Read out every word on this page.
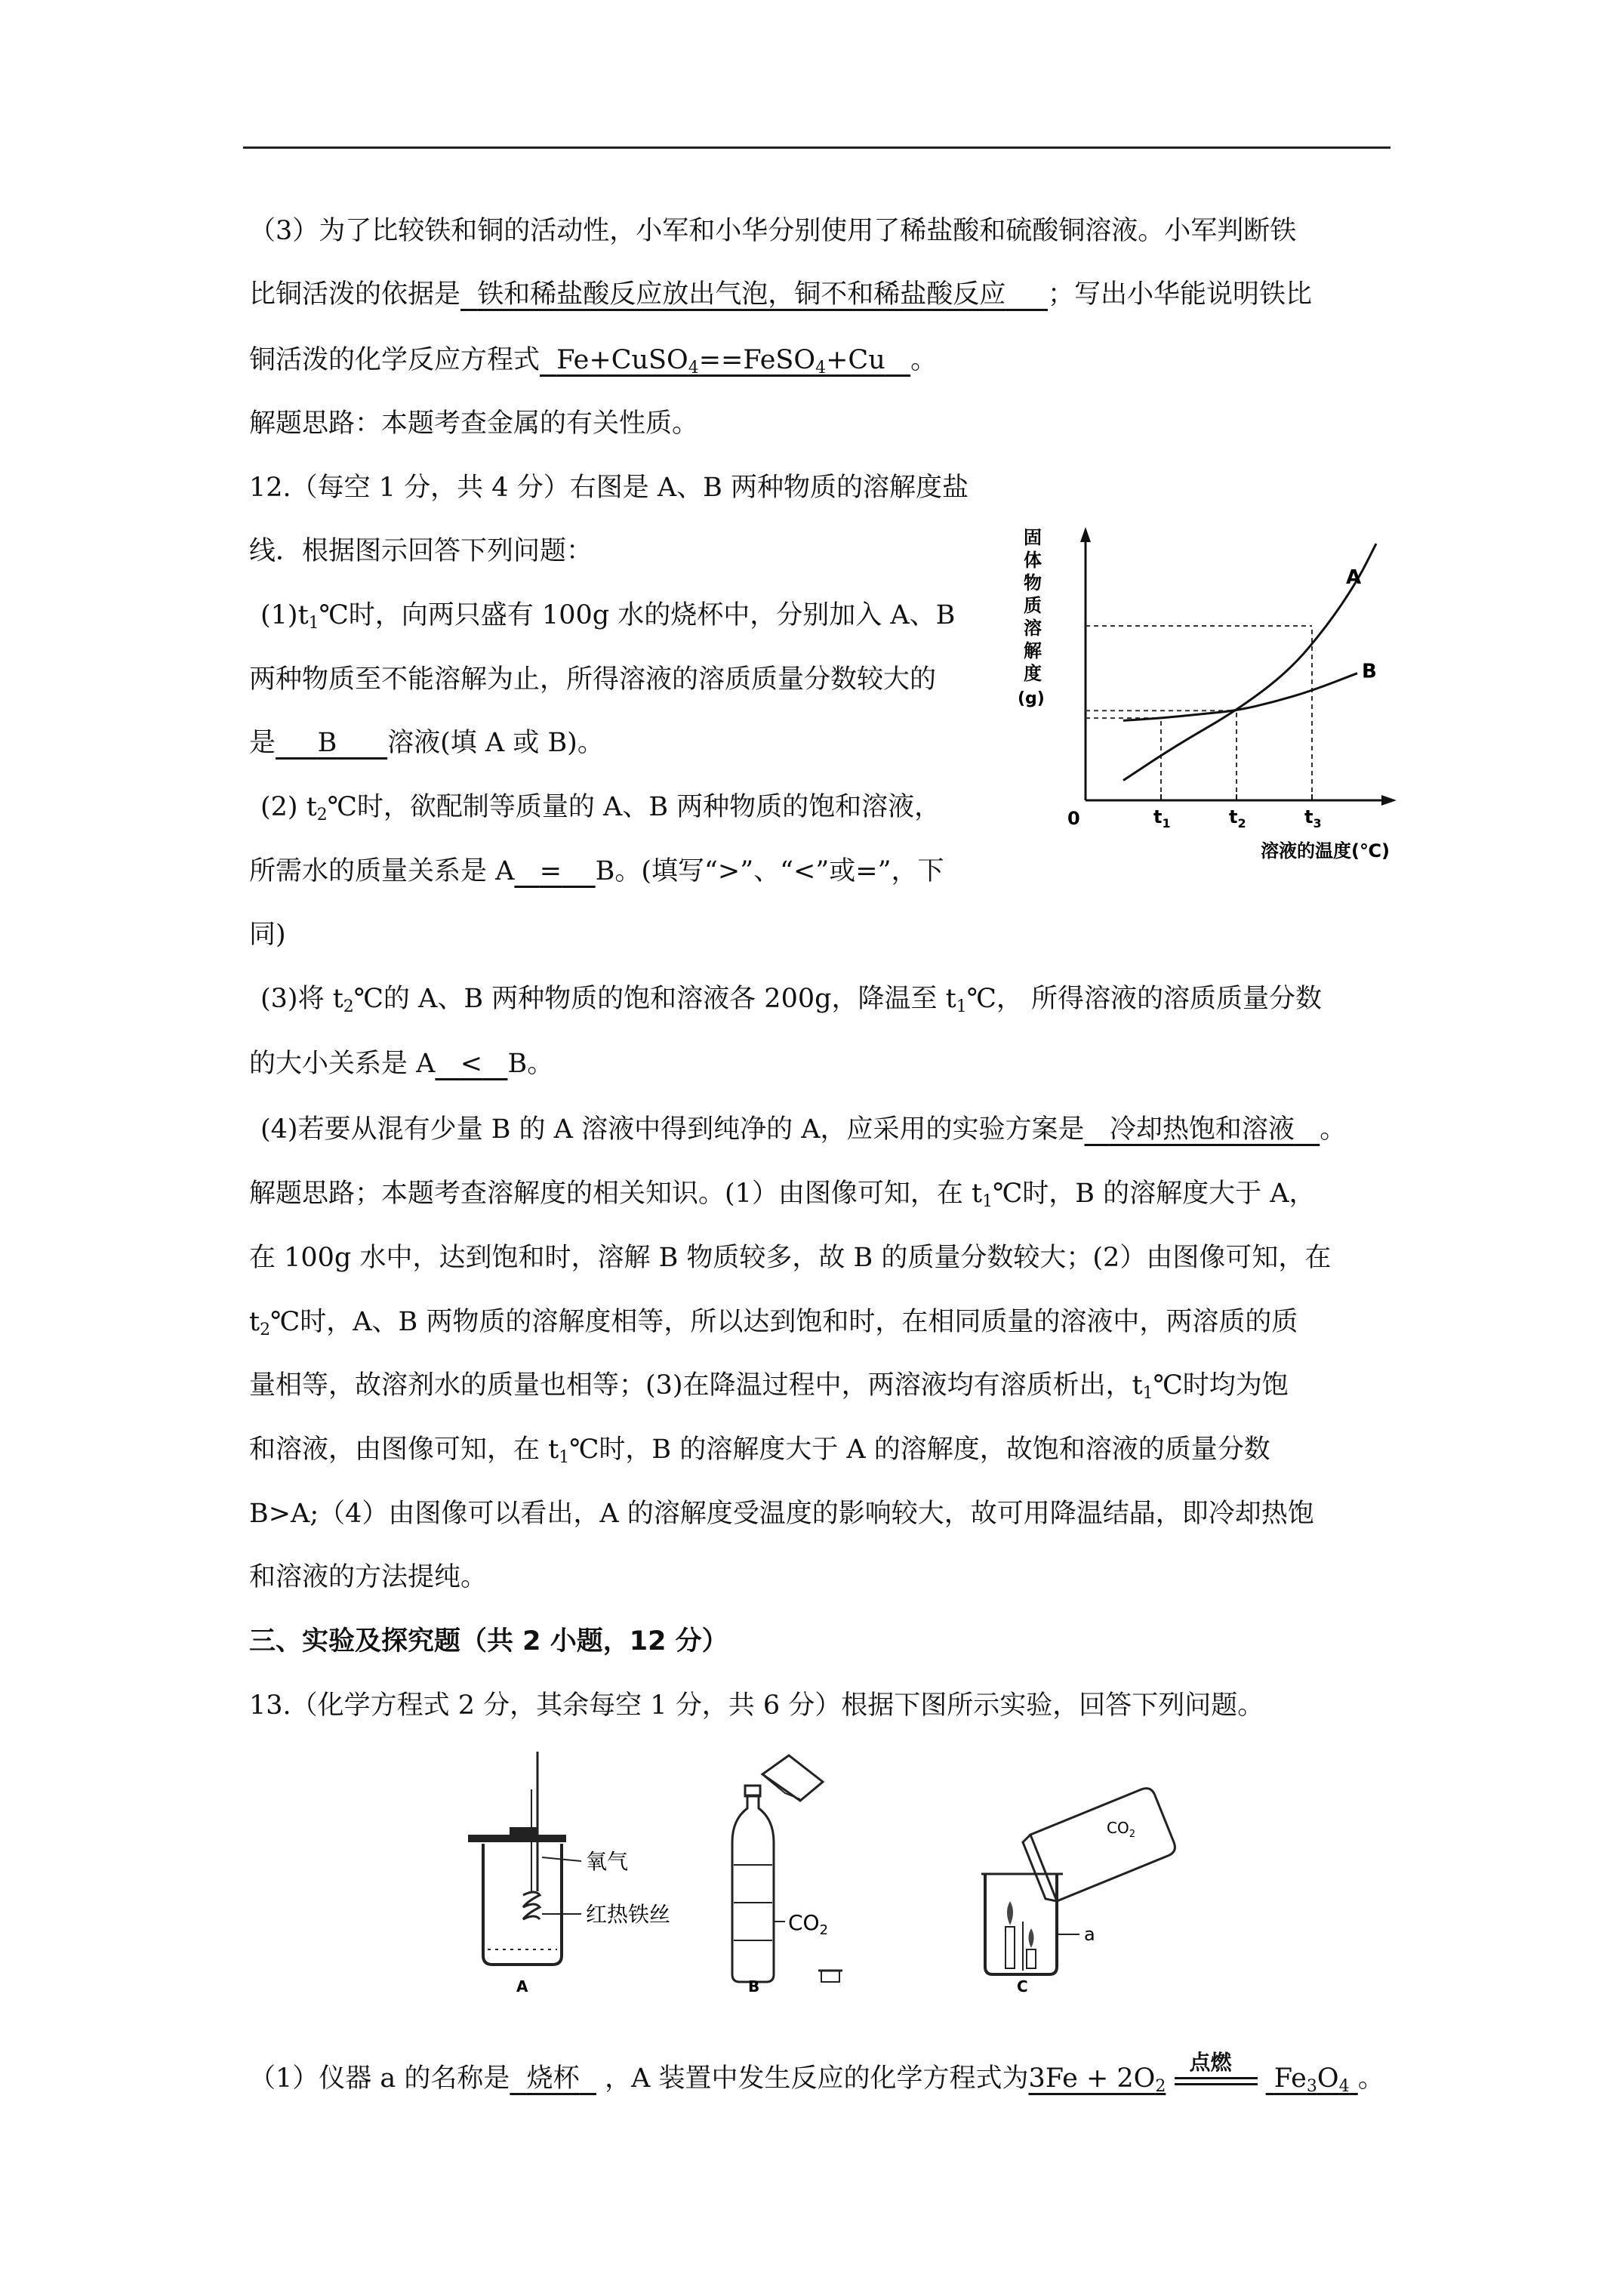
（3）为了比较铁和铜的活动性，小军和小华分别使用了稀盐酸和硫酸铜溶液。小军判断铁
比铜活泼的依据是 铁和稀盐酸反应放出气泡，铜不和稀盐酸反应 ；写出小华能说明铁比
铜活泼的化学反应方程式 Fe+CuSO$_4$==FeSO$_4$+Cu 。
解题思路：本题考查金属的有关性质。
12.（每空 1 分，共 4 分）右图是 A、B 两种物质的溶解度盐
线．根据图示回答下列问题：
$(1)t_1℃$时，向两只盛有 100g 水的烧杯中，分别加入 A、B
两种物质至不能溶解为止，所得溶液的溶质质量分数较大的
是 B 溶液(填 A 或 B)。
(2) $t_2℃$时，欲配制等质量的 A、B 两种物质的饱和溶液，
所需水的质量关系是 A = B。(填写“>”、“<”或=”，下
同)
固
体
物
质
溶
解
度
(g)
A
B
$t_1$	$t_2$	$t_3$
0
溶液的温度(℃)
(3)将 $t_2℃$的 A、B 两种物质的饱和溶液各 200g，降温至 $t_1℃$， 所得溶液的溶质质量分数
的大小关系是 A < B。
(4)若要从混有少量 B 的 A 溶液中得到纯净的 A，应采用的实验方案是 冷却热饱和溶液 。
解题思路；本题考查溶解度的相关知识。(1）由图像可知，在 $t_1℃$时，B 的溶解度大于 A，
在 100g 水中，达到饱和时，溶解 B 物质较多，故 B 的质量分数较大；(2）由图像可知，在
$t_2℃$时，A、B 两物质的溶解度相等，所以达到饱和时，在相同质量的溶液中，两溶质的质
量相等，故溶剂水的质量也相等；(3)在降温过程中，两溶液均有溶质析出，$t_1℃$时均为饱
和溶液，由图像可知，在 $t_1℃$时，B 的溶解度大于 A 的溶解度，故饱和溶液的质量分数
B>A;（4）由图像可以看出，A 的溶解度受温度的影响较大，故可用降温结晶，即冷却热饱
和溶液的方法提纯。
三、实验及探究题（共 2 小题，12 分）
13.（化学方程式 2 分，其余每空 1 分，共 6 分）根据下图所示实验，回答下列问题。
氧气
红热铁丝
A
$CO_2$
B
$CO_2$
a
C
（1）仪器 a 的名称是 烧杯 ，A 装置中发生反应的化学方程式为$3Fe + 2O_2$
点燃
$Fe_3O_4$ 。
